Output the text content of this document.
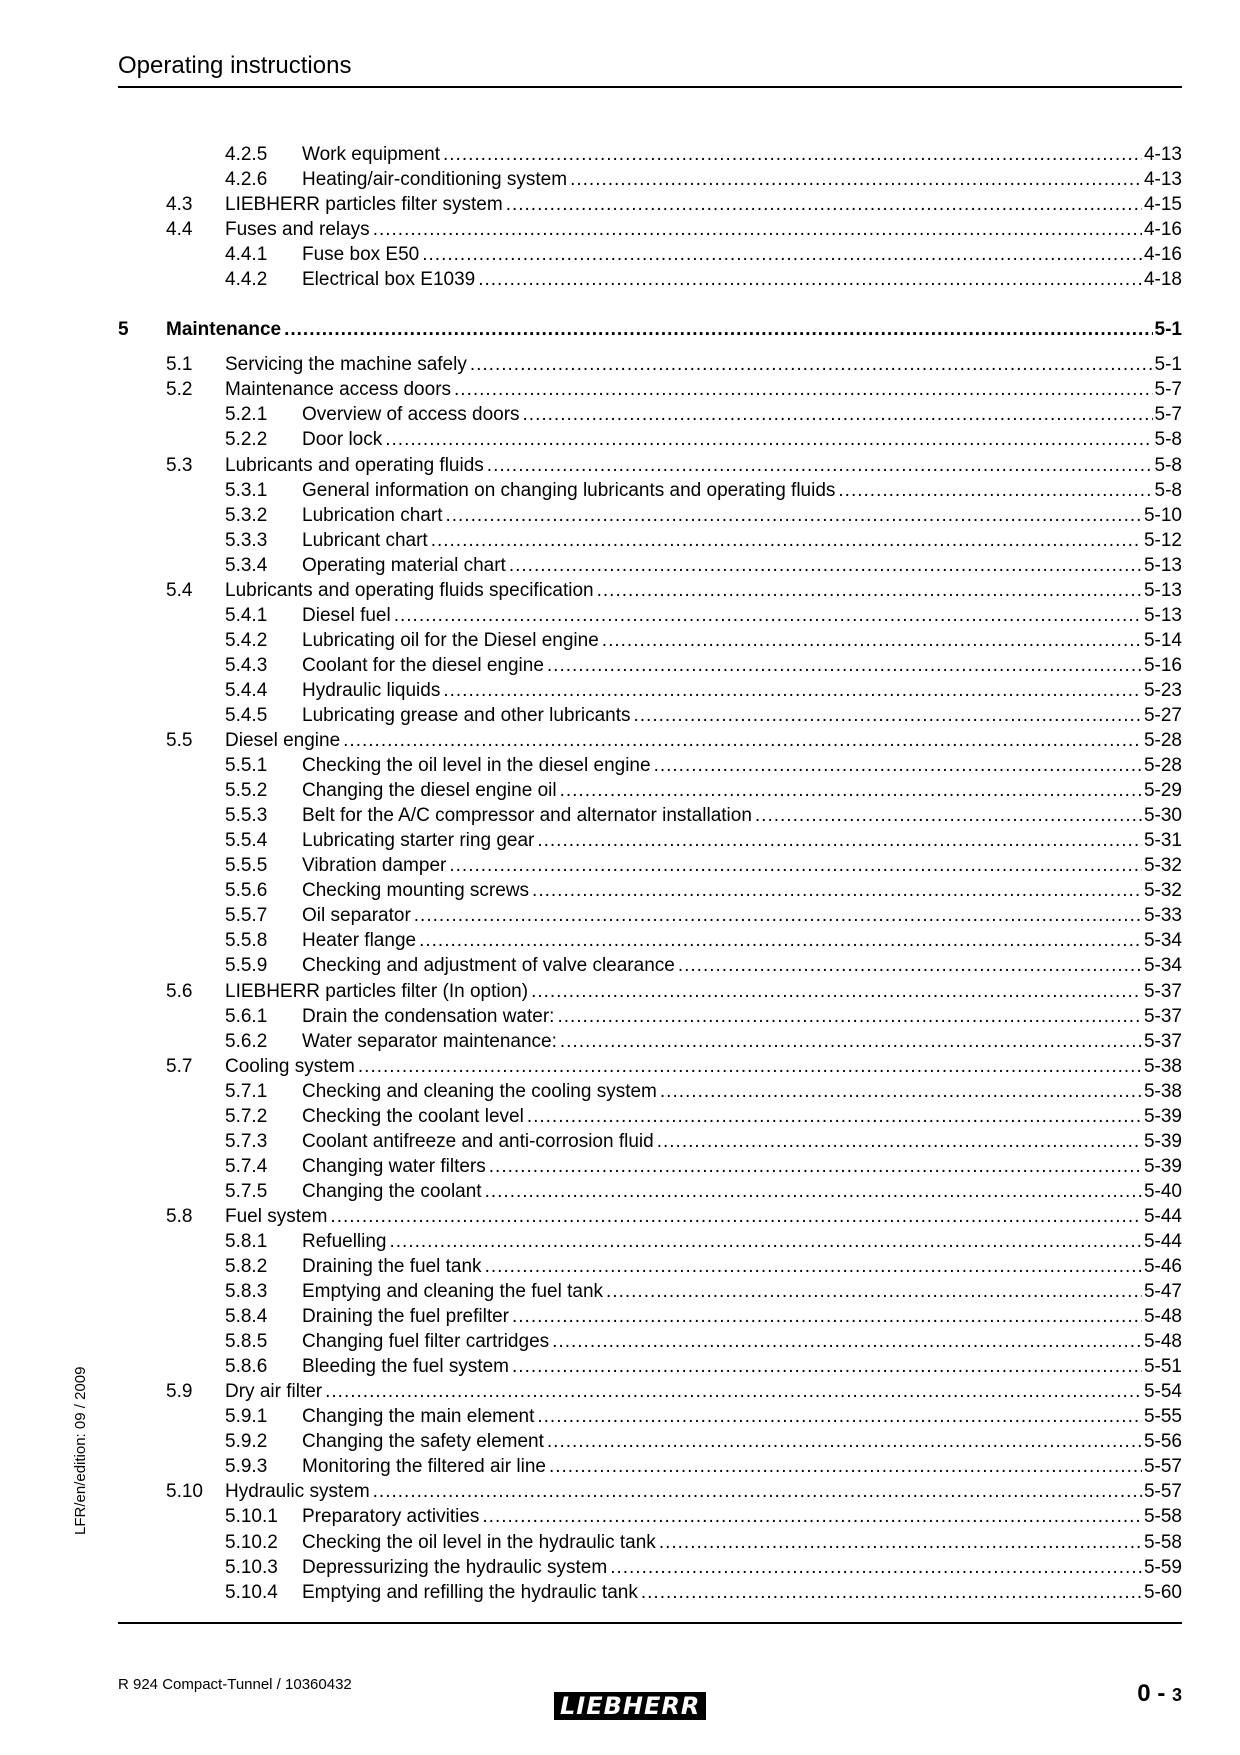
Operating instructions
4.2.5 Work equipment .....	4-13
4.2.6 Heating/air-conditioning system .....	4-13
4.3 LIEBHERR particles filter system .....	4-15
4.4 Fuses and relays .....	4-16
4.4.1 Fuse box E50 .....	4-16
4.4.2 Electrical box E1039 .....	4-18
5 Maintenance .....	5-1
5.1 Servicing the machine safely .....	5-1
5.2 Maintenance access doors .....	5-7
5.2.1 Overview of access doors .....	5-7
5.2.2 Door lock .....	5-8
5.3 Lubricants and operating fluids .....	5-8
5.3.1 General information on changing lubricants and operating fluids .....	5-8
5.3.2 Lubrication chart .....	5-10
5.3.3 Lubricant chart .....	5-12
5.3.4 Operating material chart .....	5-13
5.4 Lubricants and operating fluids specification .....	5-13
5.4.1 Diesel fuel .....	5-13
5.4.2 Lubricating oil for the Diesel engine .....	5-14
5.4.3 Coolant for the diesel engine .....	5-16
5.4.4 Hydraulic liquids .....	5-23
5.4.5 Lubricating grease and other lubricants .....	5-27
5.5 Diesel engine .....	5-28
5.5.1 Checking the oil level in the diesel engine .....	5-28
5.5.2 Changing the diesel engine oil .....	5-29
5.5.3 Belt for the A/C compressor and alternator installation .....	5-30
5.5.4 Lubricating starter ring gear .....	5-31
5.5.5 Vibration damper .....	5-32
5.5.6 Checking mounting screws .....	5-32
5.5.7 Oil separator .....	5-33
5.5.8 Heater flange .....	5-34
5.5.9 Checking and adjustment of valve clearance .....	5-34
5.6 LIEBHERR particles filter (In option) .....	5-37
5.6.1 Drain the condensation water: .....	5-37
5.6.2 Water separator maintenance: .....	5-37
5.7 Cooling system .....	5-38
5.7.1 Checking and cleaning the cooling system .....	5-38
5.7.2 Checking the coolant level .....	5-39
5.7.3 Coolant antifreeze and anti-corrosion fluid .....	5-39
5.7.4 Changing water filters .....	5-39
5.7.5 Changing the coolant .....	5-40
5.8 Fuel system .....	5-44
5.8.1 Refuelling .....	5-44
5.8.2 Draining the fuel tank .....	5-46
5.8.3 Emptying and cleaning the fuel tank .....	5-47
5.8.4 Draining the fuel prefilter .....	5-48
5.8.5 Changing fuel filter cartridges .....	5-48
5.8.6 Bleeding the fuel system .....	5-51
5.9 Dry air filter .....	5-54
5.9.1 Changing the main element .....	5-55
5.9.2 Changing the safety element .....	5-56
5.9.3 Monitoring the filtered air line .....	5-57
5.10 Hydraulic system .....	5-57
5.10.1 Preparatory activities .....	5-58
5.10.2 Checking the oil level in the hydraulic tank .....	5-58
5.10.3 Depressurizing the hydraulic system .....	5-59
5.10.4 Emptying and refilling the hydraulic tank .....	5-60
R 924 Compact-Tunnel / 10360432
LIEBHERR	0 - 3
LFR/en/edition: 09 / 2009
